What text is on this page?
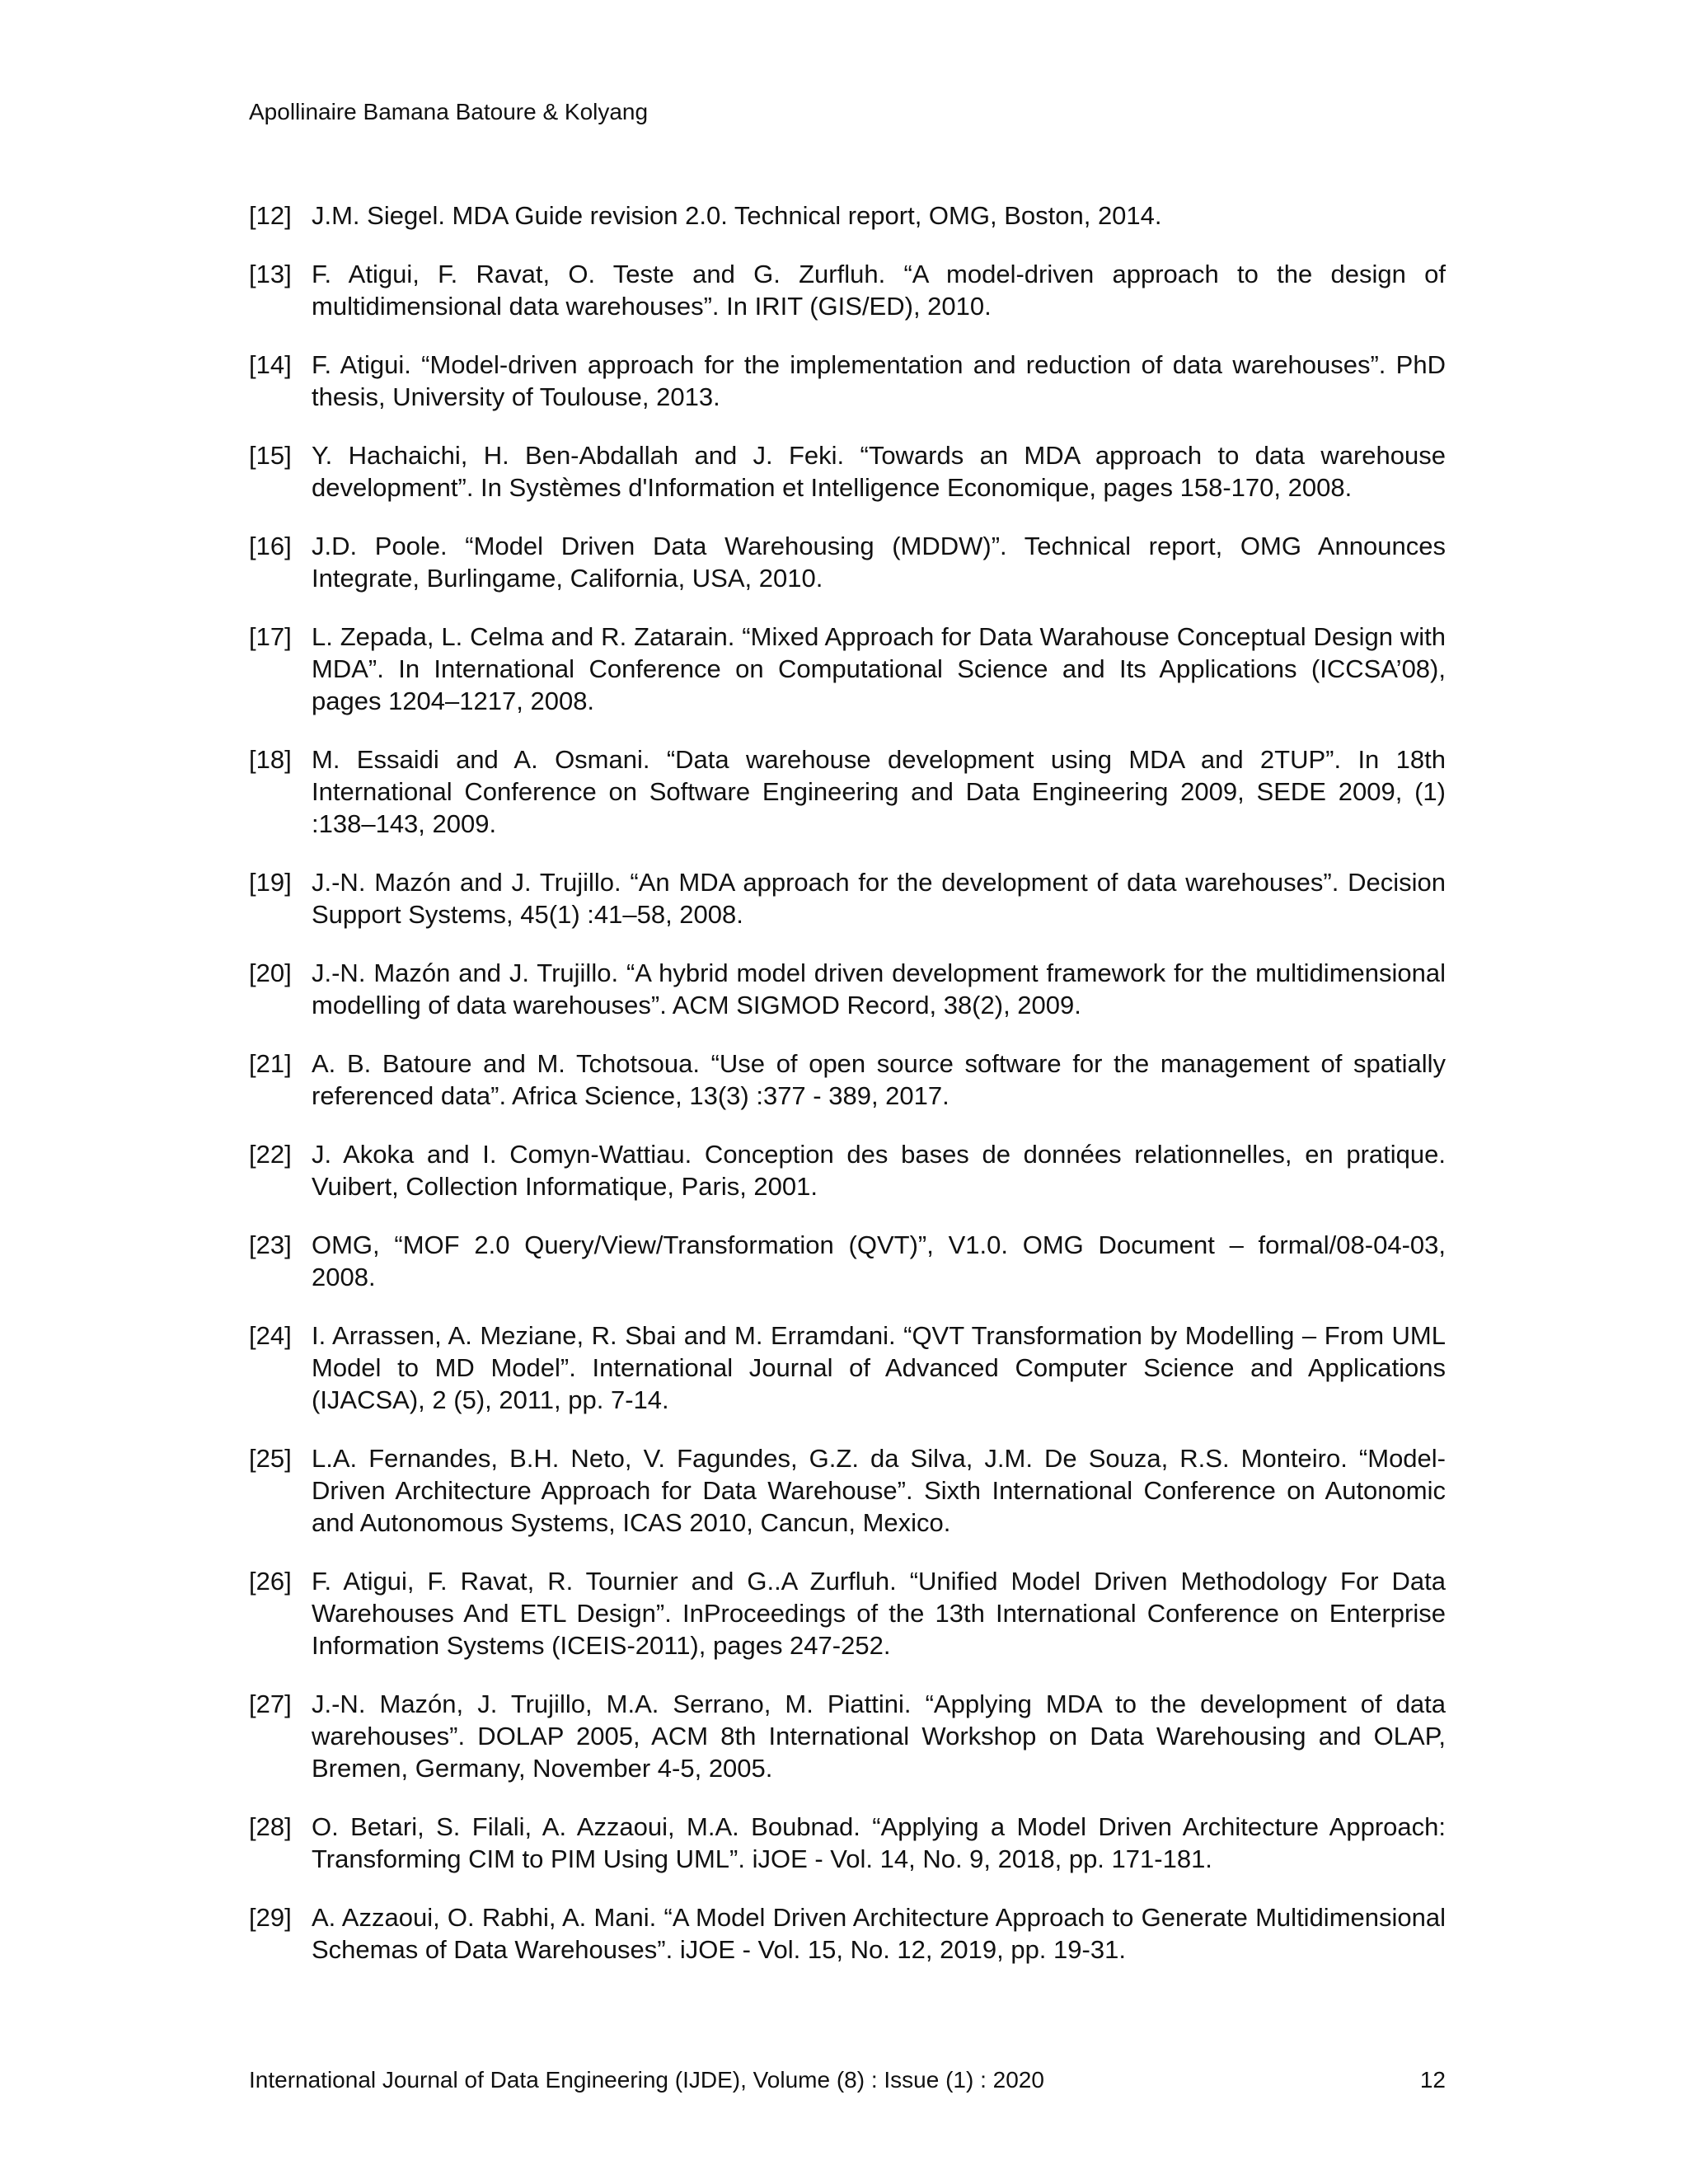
Apollinaire Bamana Batoure & Kolyang
[12] J.M. Siegel. MDA Guide revision 2.0. Technical report, OMG, Boston, 2014.
[13] F. Atigui, F. Ravat, O. Teste and G. Zurfluh. “A model-driven approach to the design of multidimensional data warehouses”. In IRIT (GIS/ED), 2010.
[14] F. Atigui. “Model-driven approach for the implementation and reduction of data warehouses”. PhD thesis, University of Toulouse, 2013.
[15] Y. Hachaichi, H. Ben-Abdallah and J. Feki. “Towards an MDA approach to data warehouse development”. In Systèmes d'Information et Intelligence Economique, pages 158-170, 2008.
[16] J.D. Poole. “Model Driven Data Warehousing (MDDW)”. Technical report, OMG Announces Integrate, Burlingame, California, USA, 2010.
[17] L. Zepada, L. Celma and R. Zatarain. “Mixed Approach for Data Warahouse Conceptual Design with MDA”. In International Conference on Computational Science and Its Applications (ICCSA’08), pages 1204–1217, 2008.
[18] M. Essaidi and A. Osmani. “Data warehouse development using MDA and 2TUP”. In 18th International Conference on Software Engineering and Data Engineering 2009, SEDE 2009, (1) :138–143, 2009.
[19] J.-N. Mazón and J. Trujillo. “An MDA approach for the development of data warehouses”. Decision Support Systems, 45(1) :41–58, 2008.
[20] J.-N. Mazón and J. Trujillo. “A hybrid model driven development framework for the multidimensional modelling of data warehouses”. ACM SIGMOD Record, 38(2), 2009.
[21] A. B. Batoure and M. Tchotsoua. “Use of open source software for the management of spatially referenced data”. Africa Science, 13(3) :377 - 389, 2017.
[22] J. Akoka and I. Comyn-Wattiau. Conception des bases de données relationnelles, en pratique. Vuibert, Collection Informatique, Paris, 2001.
[23] OMG, “MOF 2.0 Query/View/Transformation (QVT)”, V1.0. OMG Document – formal/08-04-03, 2008.
[24] I. Arrassen, A. Meziane, R. Sbai and M. Erramdani. “QVT Transformation by Modelling – From UML Model to MD Model”. International Journal of Advanced Computer Science and Applications (IJACSA), 2 (5), 2011, pp. 7-14.
[25] L.A. Fernandes, B.H. Neto, V. Fagundes, G.Z. da Silva, J.M. De Souza, R.S. Monteiro. “Model-Driven Architecture Approach for Data Warehouse”. Sixth International Conference on Autonomic and Autonomous Systems, ICAS 2010, Cancun, Mexico.
[26] F. Atigui, F. Ravat, R. Tournier and G..A Zurfluh. “Unified Model Driven Methodology For Data Warehouses And ETL Design”. InProceedings of the 13th International Conference on Enterprise Information Systems (ICEIS-2011), pages 247-252.
[27] J.-N. Mazón, J. Trujillo, M.A. Serrano, M. Piattini. “Applying MDA to the development of data warehouses”. DOLAP 2005, ACM 8th International Workshop on Data Warehousing and OLAP, Bremen, Germany, November 4-5, 2005.
[28] O. Betari, S. Filali, A. Azzaoui, M.A. Boubnad. “Applying a Model Driven Architecture Approach: Transforming CIM to PIM Using UML”. iJOE - Vol. 14, No. 9, 2018, pp. 171-181.
[29] A. Azzaoui, O. Rabhi, A. Mani. “A Model Driven Architecture Approach to Generate Multidimensional Schemas of Data Warehouses”. iJOE - Vol. 15, No. 12, 2019, pp. 19-31.
International Journal of Data Engineering (IJDE), Volume (8) : Issue (1) : 2020	12
